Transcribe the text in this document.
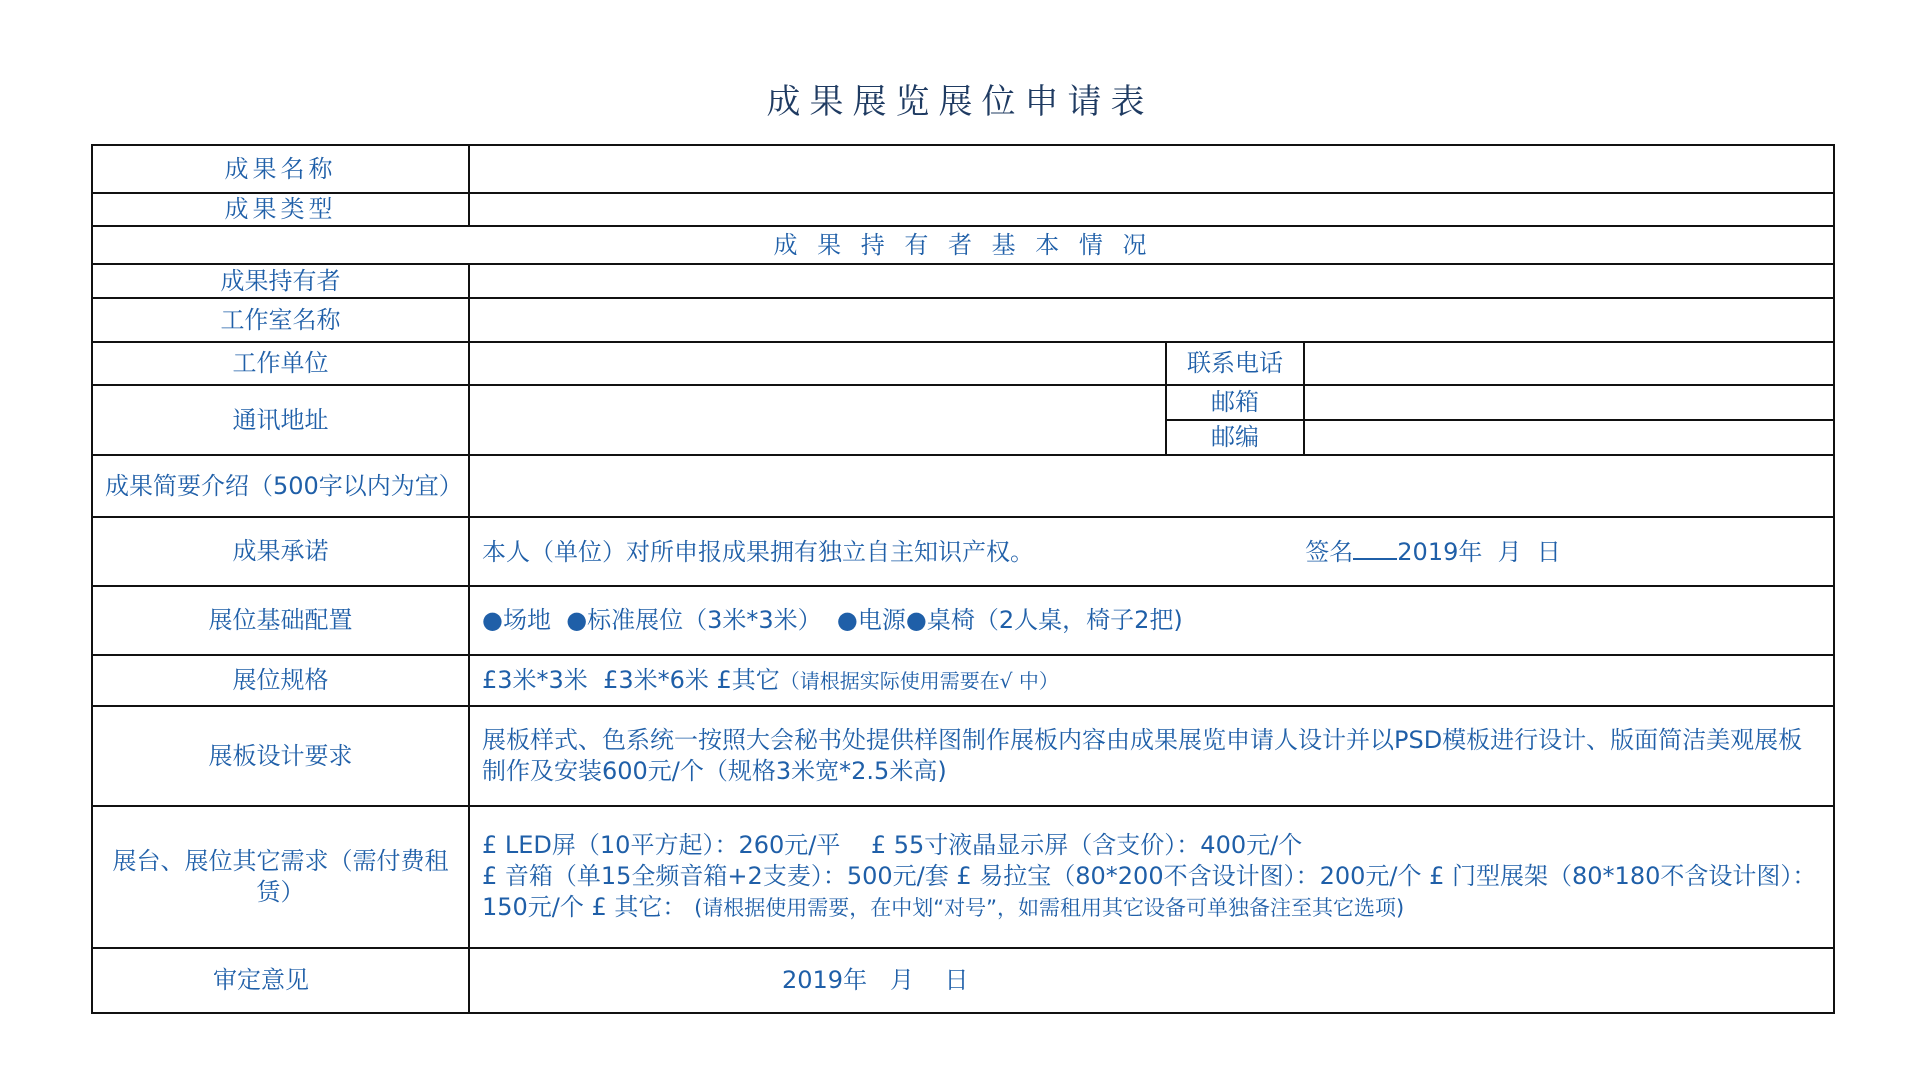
成果展览展位申请表
成果名称			
成果类型			
成 果 持 有 者 基 本 情 况			
成果持有者			
工作室名称			
工作单位		联系电话	
通讯地址		邮箱	
		邮编	
成果简要介绍（500字以内为宜）			
成果承诺	本人（单位）对所申报成果拥有独立自主知识产权。 签名 2019年  月  日		
展位基础配置	●场地  ●标准展位（3米*3米）  ●电源●桌椅（2人桌，椅子2把)		
展位规格	£3米*3米  £3米*6米 £其它（请根据实际使用需要在√ 中）		
展板设计要求	展板样式、色系统一按照大会秘书处提供样图制作展板内容由成果展览申请人设计并以PSD模板进行设计、版面简洁美观展板制作及安装600元/个（规格3米宽*2.5米高)		
展台、展位其它需求（需付费租赁）	£ LED屏（10平方起）：260元/平    £ 55寸液晶显示屏（含支价）：400元/个
£ 音箱（单15全频音箱+2支麦）：500元/套 £ 易拉宝（80*200不含设计图）：200元/个 £ 门型展架（80*180不含设计图）：150元/个 £ 其它： (请根据使用需要，在中划“对号”，如需租用其它设备可单独备注至其它选项)		

审定意见	2019年   月    日		
